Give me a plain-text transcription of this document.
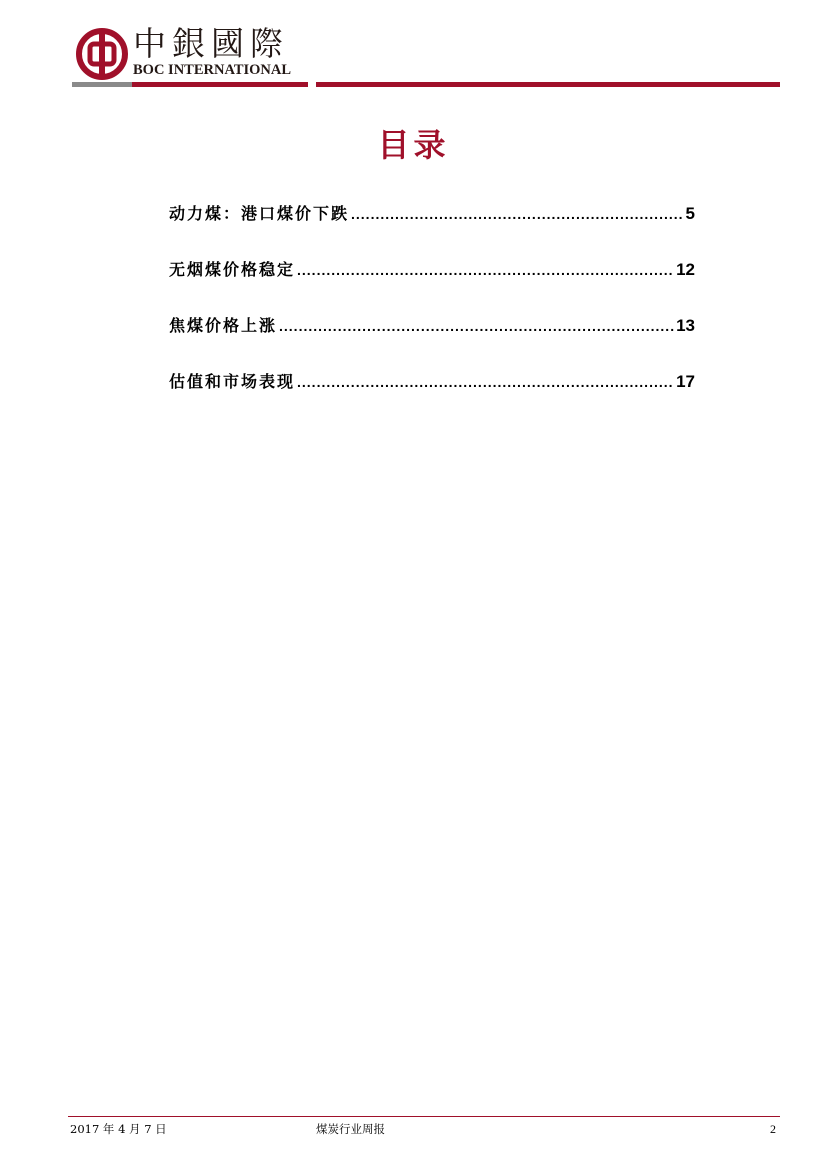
中銀國際
BOC INTERNATIONAL
目录
动力煤：港口煤价下跌 .....	5
无烟煤价格稳定 .....	12
焦煤价格上涨 .....	13
估值和市场表现 .....	17
2017 年 4 月 7 日	煤炭行业周报	2
